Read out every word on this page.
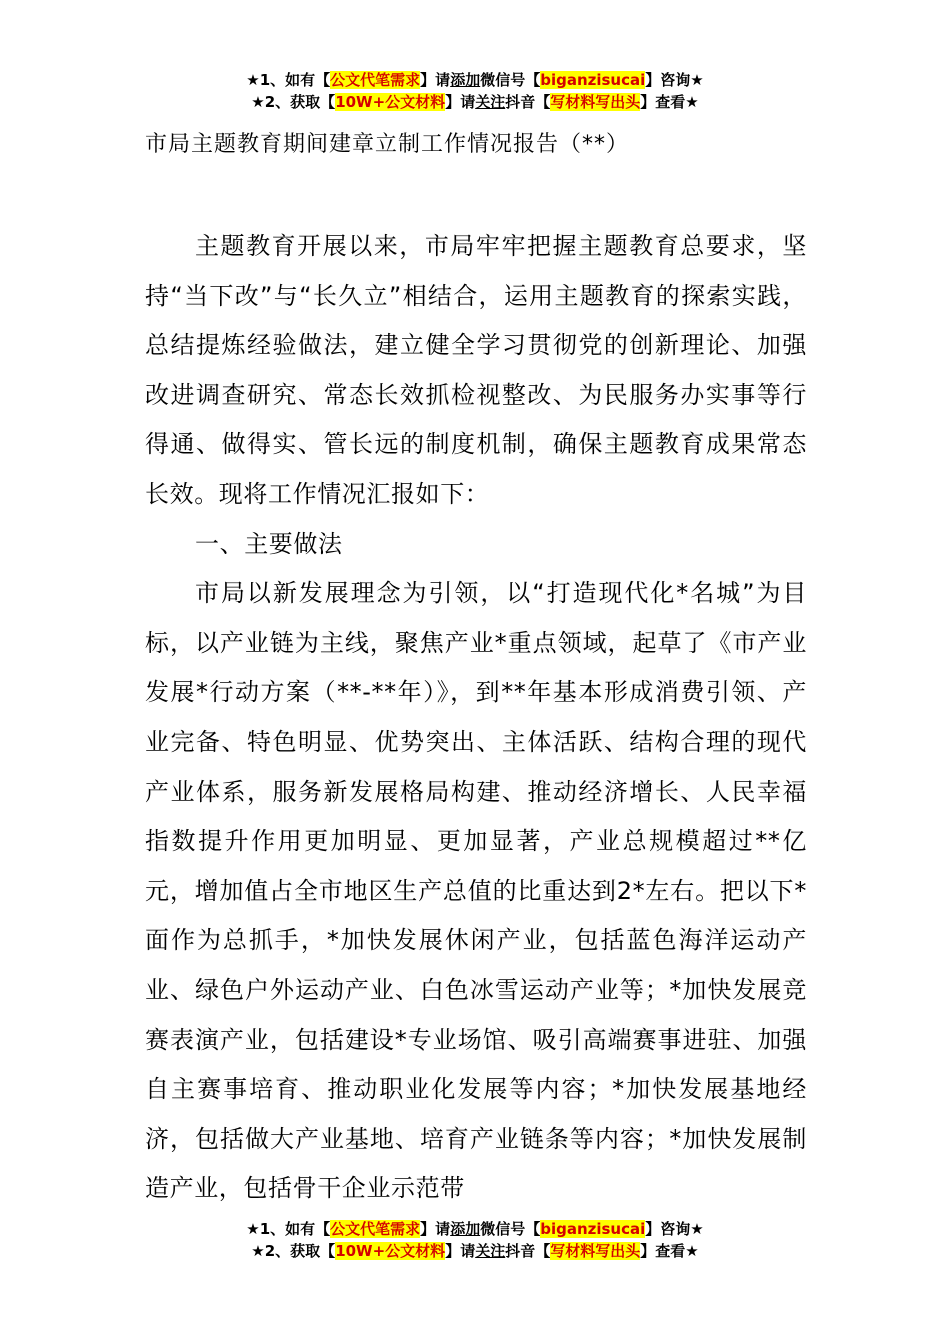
★1、如有【公文代笔需求】请添加微信号【biganzisucai】咨询★
★2、获取【10W+公文材料】请关注抖音【写材料写出头】查看★
市局主题教育期间建章立制工作情况报告（**）

主题教育开展以来，市局牢牢把握主题教育总要求，坚持“当下改”与“长久立”相结合，运用主题教育的探索实践，总结提炼经验做法，建立健全学习贯彻党的创新理论、加强改进调查研究、常态长效抓检视整改、为民服务办实事等行得通、做得实、管长远的制度机制，确保主题教育成果常态长效。现将工作情况汇报如下：

一、主要做法

市局以新发展理念为引领，以“打造现代化*名城”为目标，以产业链为主线，聚焦产业*重点领域，起草了《市产业发展*行动方案（**-**年）》，到**年基本形成消费引领、产业完备、特色明显、优势突出、主体活跃、结构合理的现代产业体系，服务新发展格局构建、推动经济增长、人民幸福指数提升作用更加明显、更加显著，产业总规模超过**亿元，增加值占全市地区生产总值的比重达到2*左右。把以下*面作为总抓手，*加快发展休闲产业，包括蓝色海洋运动产业、绿色户外运动产业、白色冰雪运动产业等；*加快发展竞赛表演产业，包括建设*专业场馆、吸引高端赛事进驻、加强自主赛事培育、推动职业化发展等内容；*加快发展基地经济，包括做大产业基地、培育产业链条等内容；*加快发展制造产业，包括骨干企业示范带

★1、如有【公文代笔需求】请添加微信号【biganzisucai】咨询★
★2、获取【10W+公文材料】请关注抖音【写材料写出头】查看★
